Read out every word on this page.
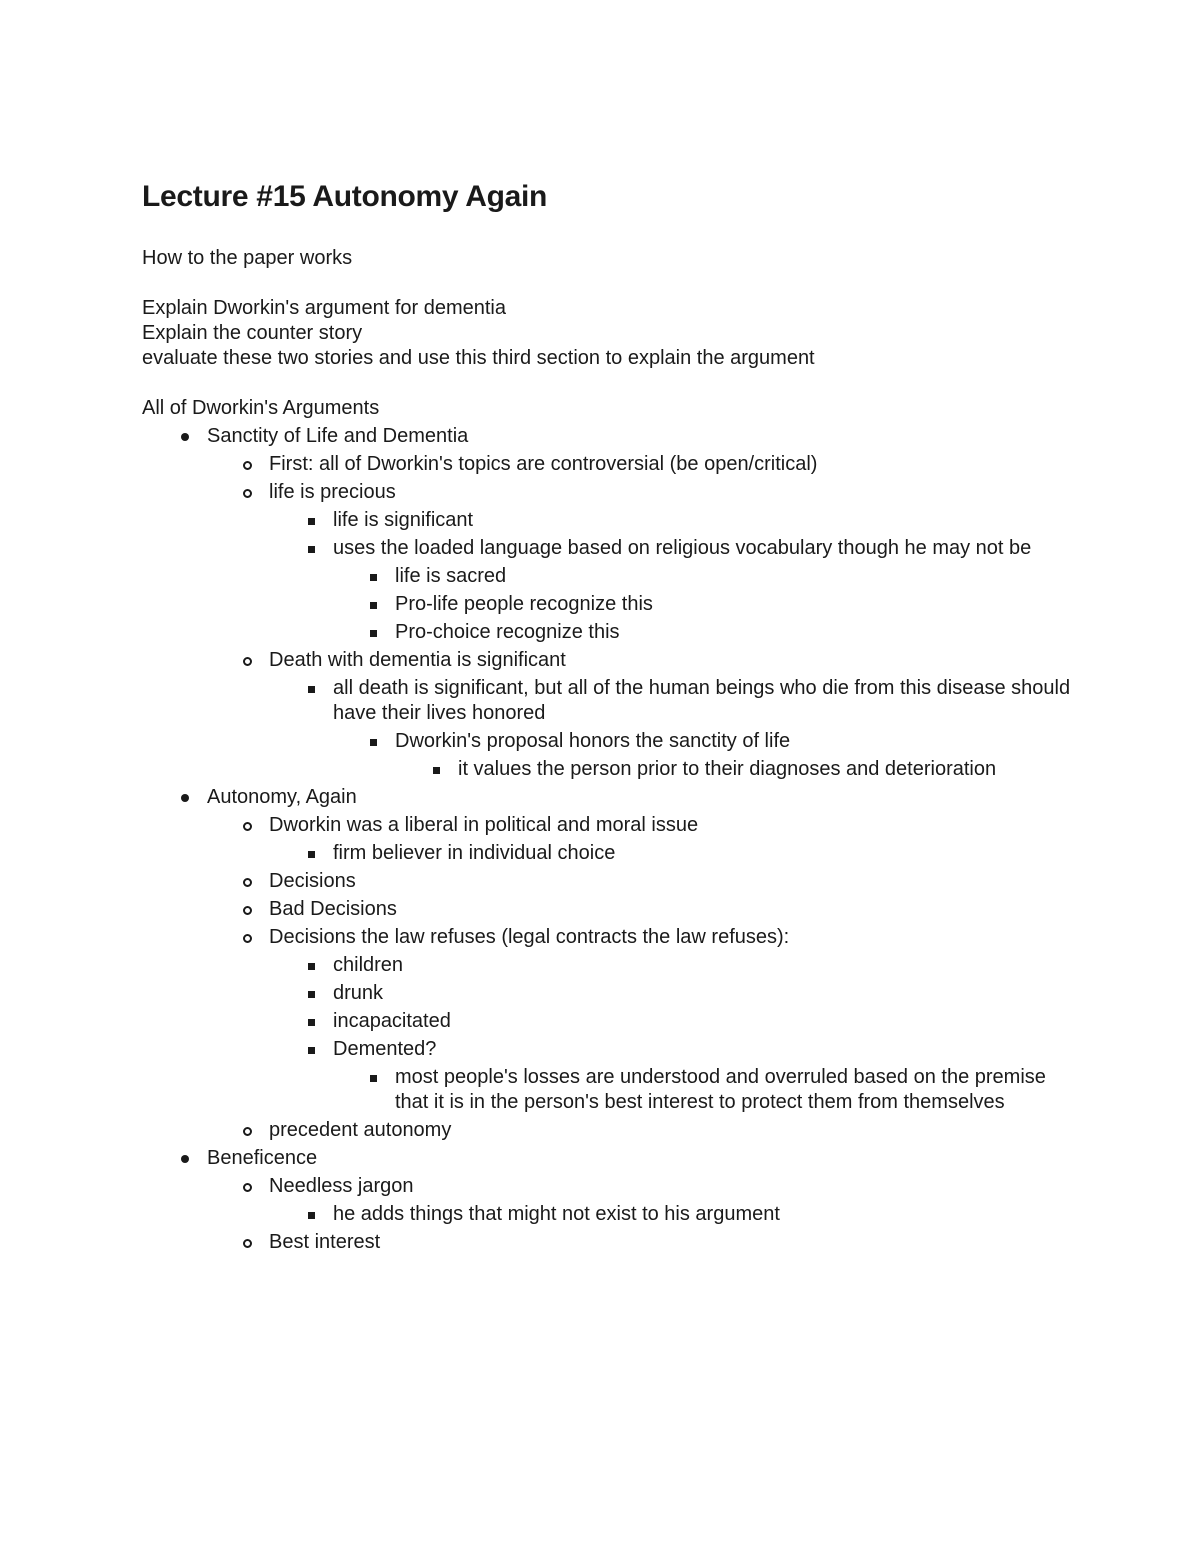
Lecture #15 Autonomy Again

How to the paper works

Explain Dworkin's argument for dementia

Explain the counter story

evaluate these two stories and use this third section to explain the argument

All of Dworkin's Arguments

Sanctity of Life and Dementia
First: all of Dworkin's topics are controversial (be open/critical)
life is precious
life is significant
uses the loaded language based on religious vocabulary though he may not be
life is sacred
Pro-life people recognize this
Pro-choice recognize this
Death with dementia is significant
all death is significant, but all of the human beings who die from this disease should have their lives honored
Dworkin's proposal honors the sanctity of life
it values the person prior to their diagnoses and deterioration
Autonomy, Again
Dworkin was a liberal in political and moral issue
firm believer in individual choice
Decisions
Bad Decisions
Decisions the law refuses (legal contracts the law refuses):
children
drunk
incapacitated
Demented?
most people's losses are understood and overruled based on the premise that it is in the person's best interest to protect them from themselves
precedent autonomy
Beneficence
Needless jargon
he adds things that might not exist to his argument
Best interest
